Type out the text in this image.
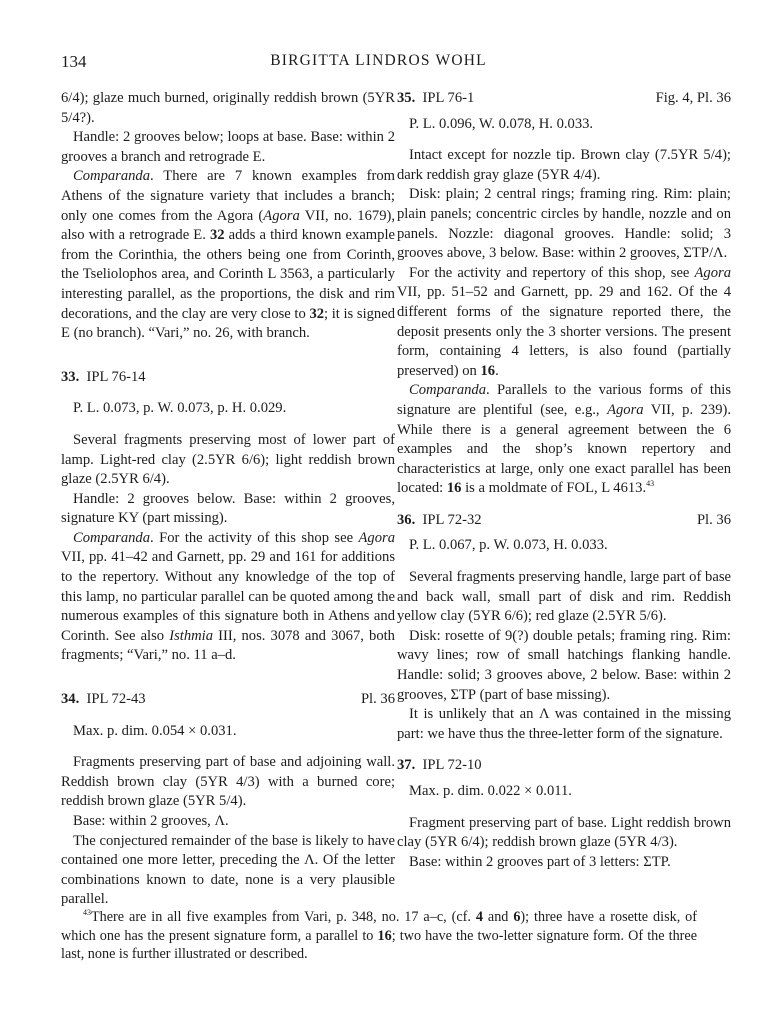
134	BIRGITTA LINDROS WOHL

6/4); glaze much burned, originally reddish brown (5YR 5/4?).

Handle: 2 grooves below; loops at base. Base: within 2 grooves a branch and retrograde E.

Comparanda. There are 7 known examples from Athens of the signature variety that includes a branch; only one comes from the Agora (Agora VII, no. 1679), also with a retrograde E. 32 adds a third known example from the Corinthia, the others being one from Corinth, the Tseliolophos area, and Corinth L 3563, a particularly interesting parallel, as the proportions, the disk and rim decorations, and the clay are very close to 32; it is signed E (no branch). “Vari,” no. 26, with branch.

33. IPL 76-14

P. L. 0.073, p. W. 0.073, p. H. 0.029.

Several fragments preserving most of lower part of lamp. Light-red clay (2.5YR 6/6); light reddish brown glaze (2.5YR 6/4).

Handle: 2 grooves below. Base: within 2 grooves, signature KY (part missing).

Comparanda. For the activity of this shop see Agora VII, pp. 41–42 and Garnett, pp. 29 and 161 for additions to the repertory. Without any knowledge of the top of this lamp, no particular parallel can be quoted among the numerous examples of this signature both in Athens and Corinth. See also Isthmia III, nos. 3078 and 3067, both fragments; “Vari,” no. 11 a–d.

34. IPL 72-43	Pl. 36

Max. p. dim. 0.054 × 0.031.

Fragments preserving part of base and adjoining wall. Reddish brown clay (5YR 4/3) with a burned core; reddish brown glaze (5YR 5/4).

Base: within 2 grooves, Λ.

The conjectured remainder of the base is likely to have contained one more letter, preceding the Λ. Of the letter combinations known to date, none is a very plausible parallel.

35. IPL 76-1	Fig. 4, Pl. 36

P. L. 0.096, W. 0.078, H. 0.033.

Intact except for nozzle tip. Brown clay (7.5YR 5/4); dark reddish gray glaze (5YR 4/4).

Disk: plain; 2 central rings; framing ring. Rim: plain; plain panels; concentric circles by handle, nozzle and on panels. Nozzle: diagonal grooves. Handle: solid; 3 grooves above, 3 below. Base: within 2 grooves, ΣΤΡ/Λ.

For the activity and repertory of this shop, see Agora VII, pp. 51–52 and Garnett, pp. 29 and 162. Of the 4 different forms of the signature reported there, the deposit presents only the 3 shorter versions. The present form, containing 4 letters, is also found (partially preserved) on 16.

Comparanda. Parallels to the various forms of this signature are plentiful (see, e.g., Agora VII, p. 239). While there is a general agreement between the 6 examples and the shop’s known repertory and characteristics at large, only one exact parallel has been located: 16 is a moldmate of FOL, L 4613.43

36. IPL 72-32	Pl. 36

P. L. 0.067, p. W. 0.073, H. 0.033.

Several fragments preserving handle, large part of base and back wall, small part of disk and rim. Reddish yellow clay (5YR 6/6); red glaze (2.5YR 5/6).

Disk: rosette of 9(?) double petals; framing ring. Rim: wavy lines; row of small hatchings flanking handle. Handle: solid; 3 grooves above, 2 below. Base: within 2 grooves, ΣΤΡ (part of base missing).

It is unlikely that an Λ was contained in the missing part: we have thus the three-letter form of the signature.

37. IPL 72-10

Max. p. dim. 0.022 × 0.011.

Fragment preserving part of base. Light reddish brown clay (5YR 6/4); reddish brown glaze (5YR 4/3).

Base: within 2 grooves part of 3 letters: ΣΤΡ.

$^{43}$There are in all five examples from Vari, p. 348, no. 17 a–c, (cf. 4 and 6); three have a rosette disk, of which one has the present signature form, a parallel to 16; two have the two-letter signature form. Of the three last, none is further illustrated or described.
